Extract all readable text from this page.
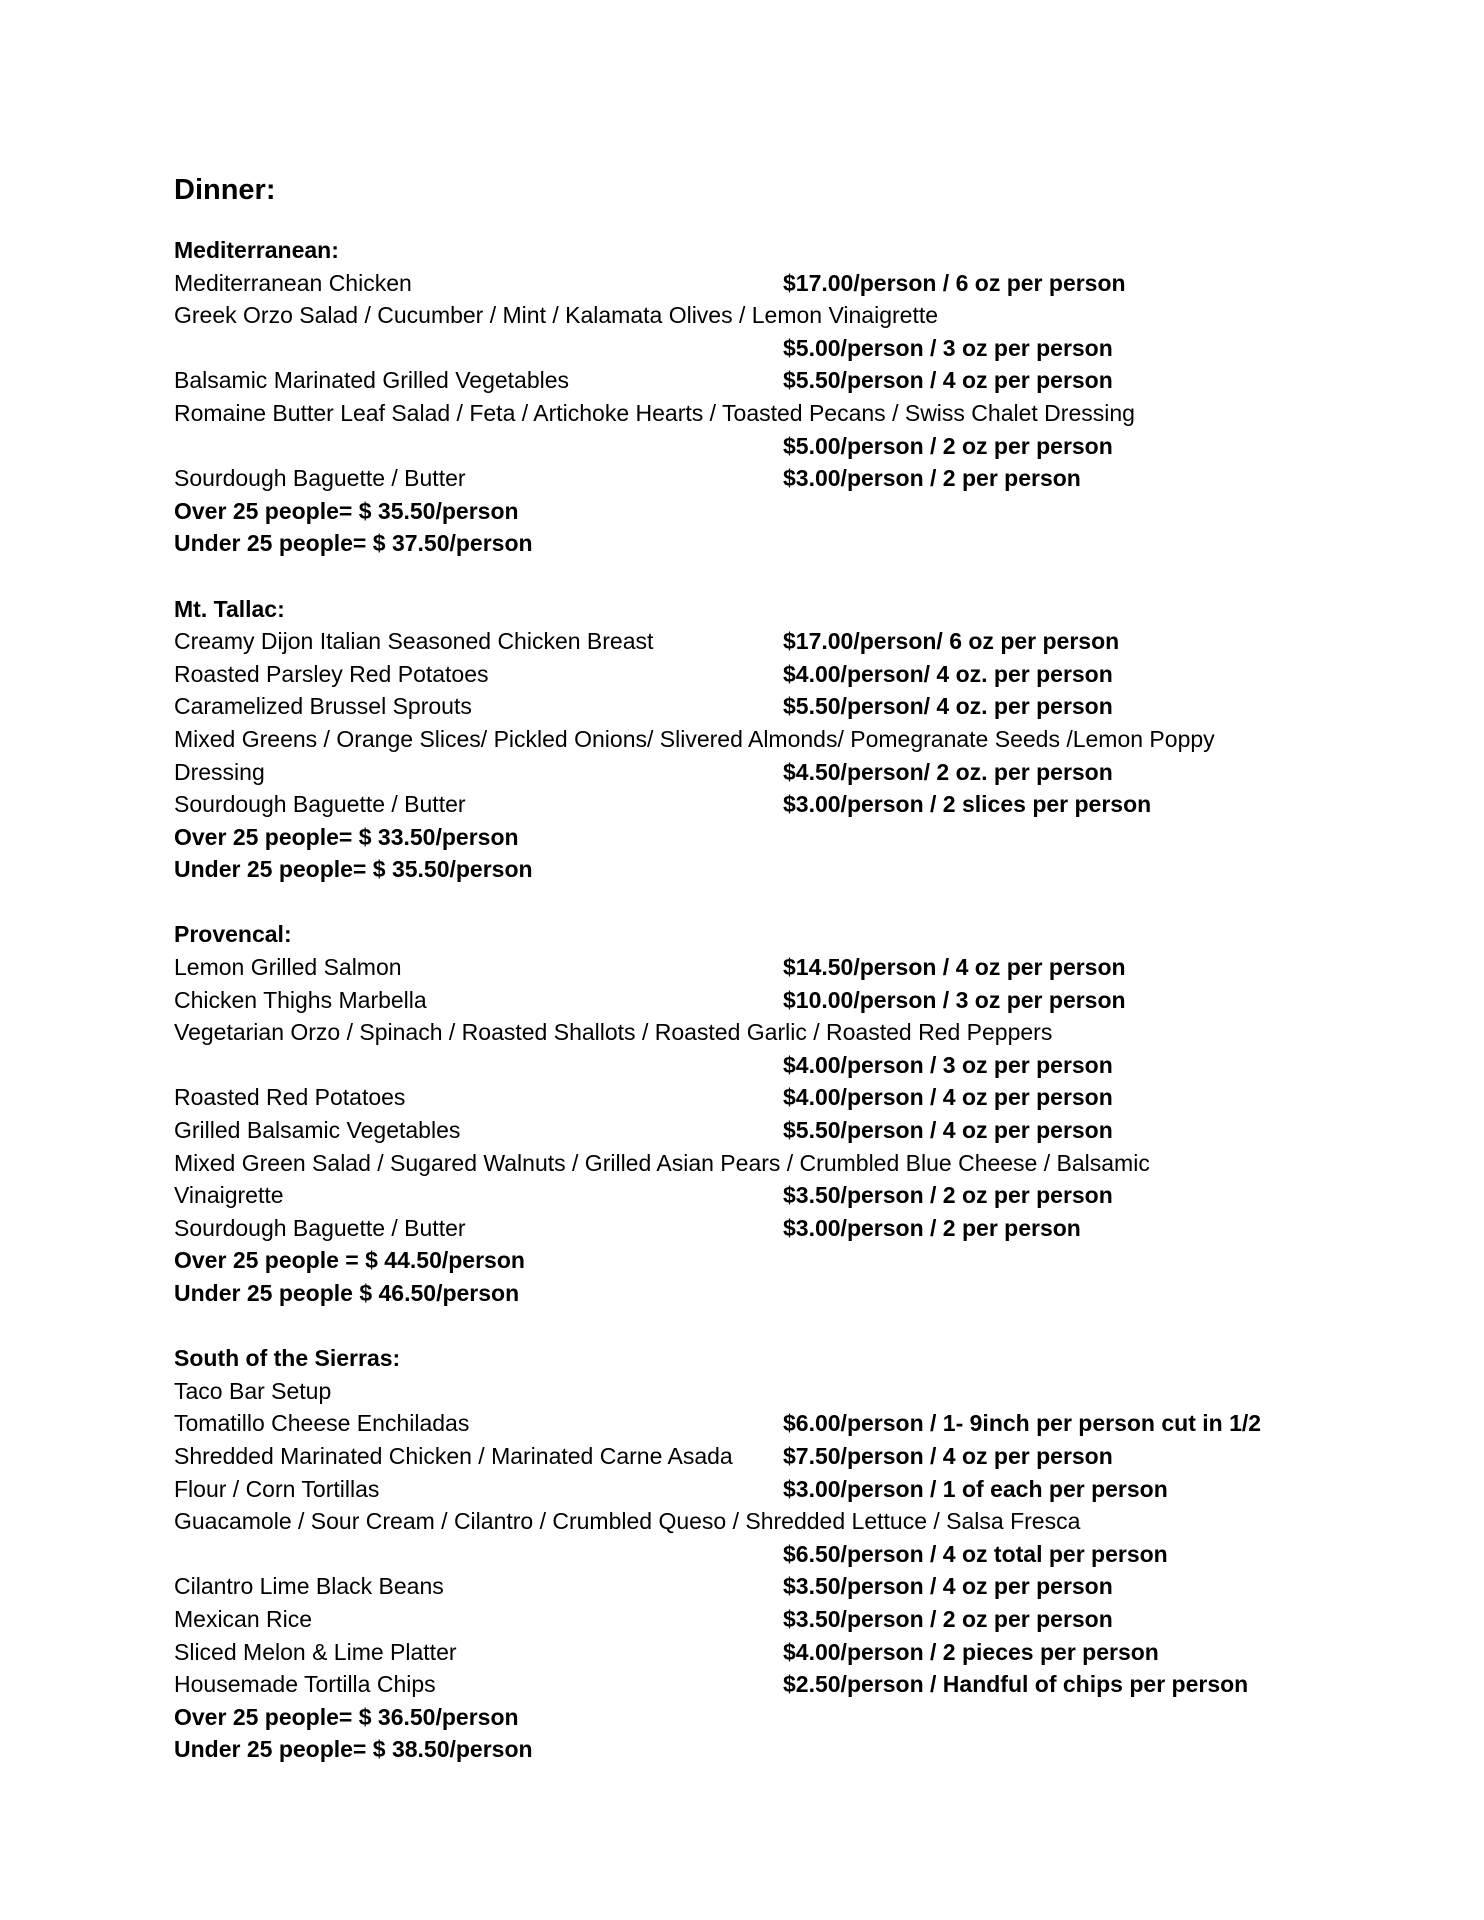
Dinner:
Mediterranean:
Mediterranean Chicken	$17.00/person / 6 oz per person
Greek Orzo Salad / Cucumber / Mint / Kalamata Olives / Lemon Vinaigrette
$5.00/person / 3 oz per person
Balsamic Marinated Grilled Vegetables	$5.50/person / 4 oz per person
Romaine Butter Leaf Salad / Feta / Artichoke Hearts / Toasted Pecans / Swiss Chalet Dressing
$5.00/person / 2 oz per person
Sourdough Baguette / Butter	$3.00/person / 2 per person
Over 25 people= $ 35.50/person
Under 25 people= $ 37.50/person
Mt. Tallac:
Creamy Dijon Italian Seasoned Chicken Breast	$17.00/person/ 6 oz per person
Roasted Parsley Red Potatoes	$4.00/person/ 4 oz. per person
Caramelized Brussel Sprouts	$5.50/person/ 4 oz. per person
Mixed Greens / Orange Slices/ Pickled Onions/ Slivered Almonds/ Pomegranate Seeds /Lemon Poppy
Dressing	$4.50/person/ 2 oz. per person
Sourdough Baguette / Butter	$3.00/person / 2 slices per person
Over 25 people= $ 33.50/person
Under 25 people= $ 35.50/person
Provencal:
Lemon Grilled Salmon	$14.50/person / 4 oz per person
Chicken Thighs Marbella	$10.00/person / 3 oz per person
Vegetarian Orzo / Spinach / Roasted Shallots / Roasted Garlic / Roasted Red Peppers
$4.00/person / 3 oz per person
Roasted Red Potatoes	$4.00/person / 4 oz per person
Grilled Balsamic Vegetables	$5.50/person / 4 oz per person
Mixed Green Salad / Sugared Walnuts / Grilled Asian Pears / Crumbled Blue Cheese / Balsamic
Vinaigrette	$3.50/person / 2 oz per person
Sourdough Baguette / Butter	$3.00/person / 2 per person
Over 25 people = $ 44.50/person
Under 25 people $ 46.50/person
South of the Sierras:
Taco Bar Setup
Tomatillo Cheese Enchiladas	$6.00/person / 1- 9inch per person cut in 1/2
Shredded Marinated Chicken / Marinated Carne Asada $7.50/person / 4 oz per person
Flour / Corn Tortillas	$3.00/person / 1 of each per person
Guacamole / Sour Cream / Cilantro / Crumbled Queso / Shredded Lettuce / Salsa Fresca
$6.50/person / 4 oz total per person
Cilantro Lime Black Beans	$3.50/person / 4 oz per person
Mexican Rice	$3.50/person / 2 oz per person
Sliced Melon & Lime Platter	$4.00/person / 2 pieces per person
Housemade Tortilla Chips	$2.50/person / Handful of chips per person
Over 25 people= $ 36.50/person
Under 25 people= $ 38.50/person
